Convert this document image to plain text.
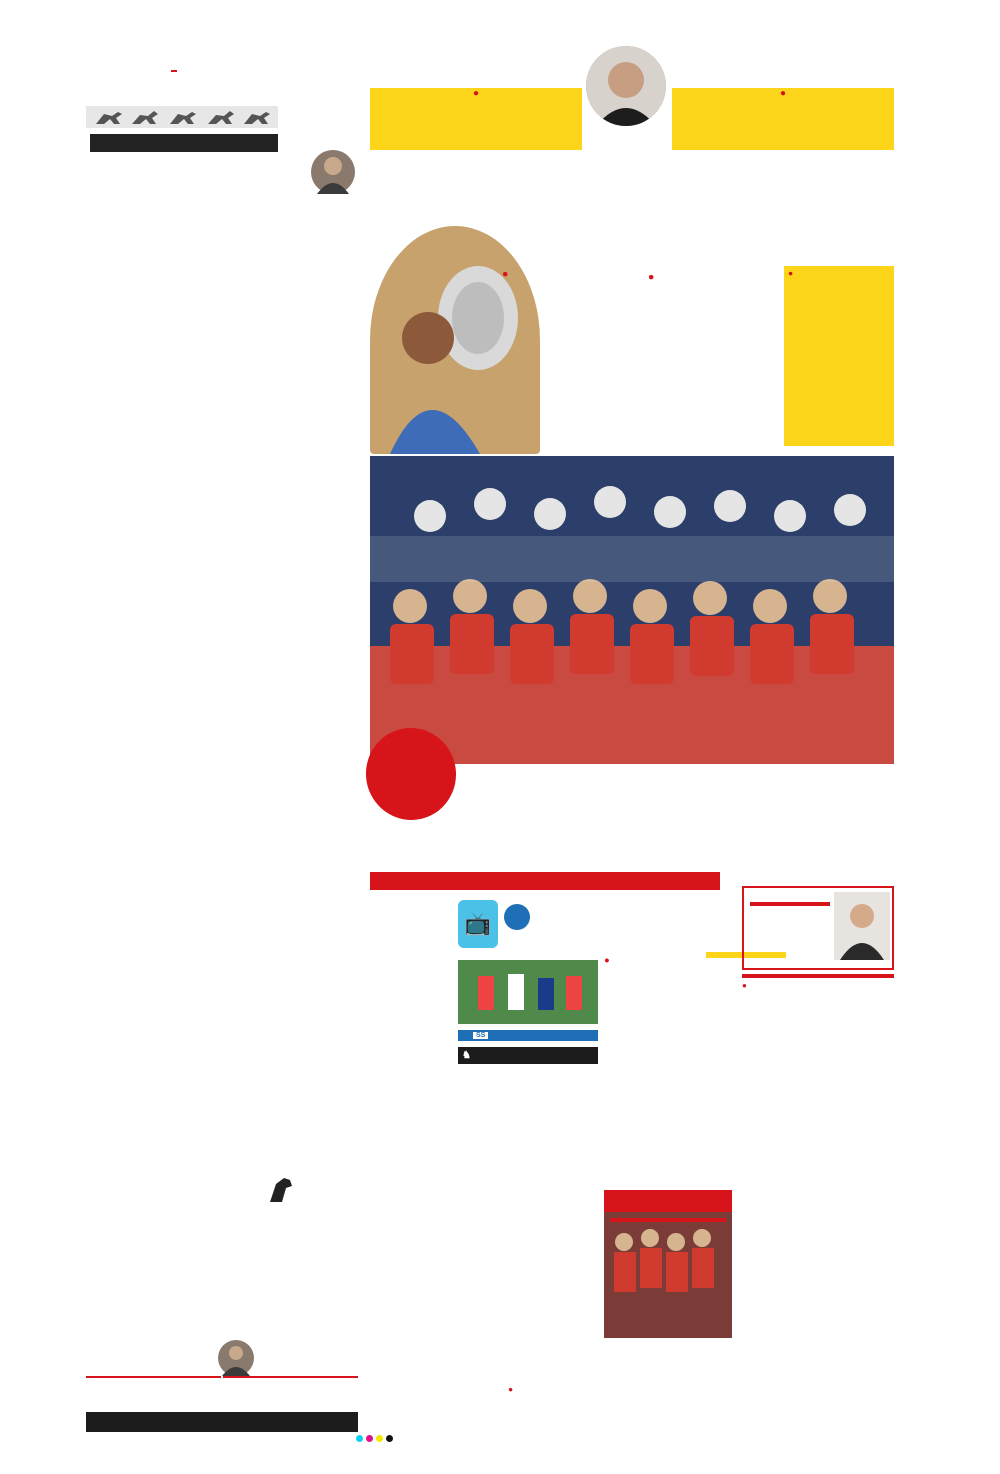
●	●
●	●	●
📺
SS
♞
●
●
●
